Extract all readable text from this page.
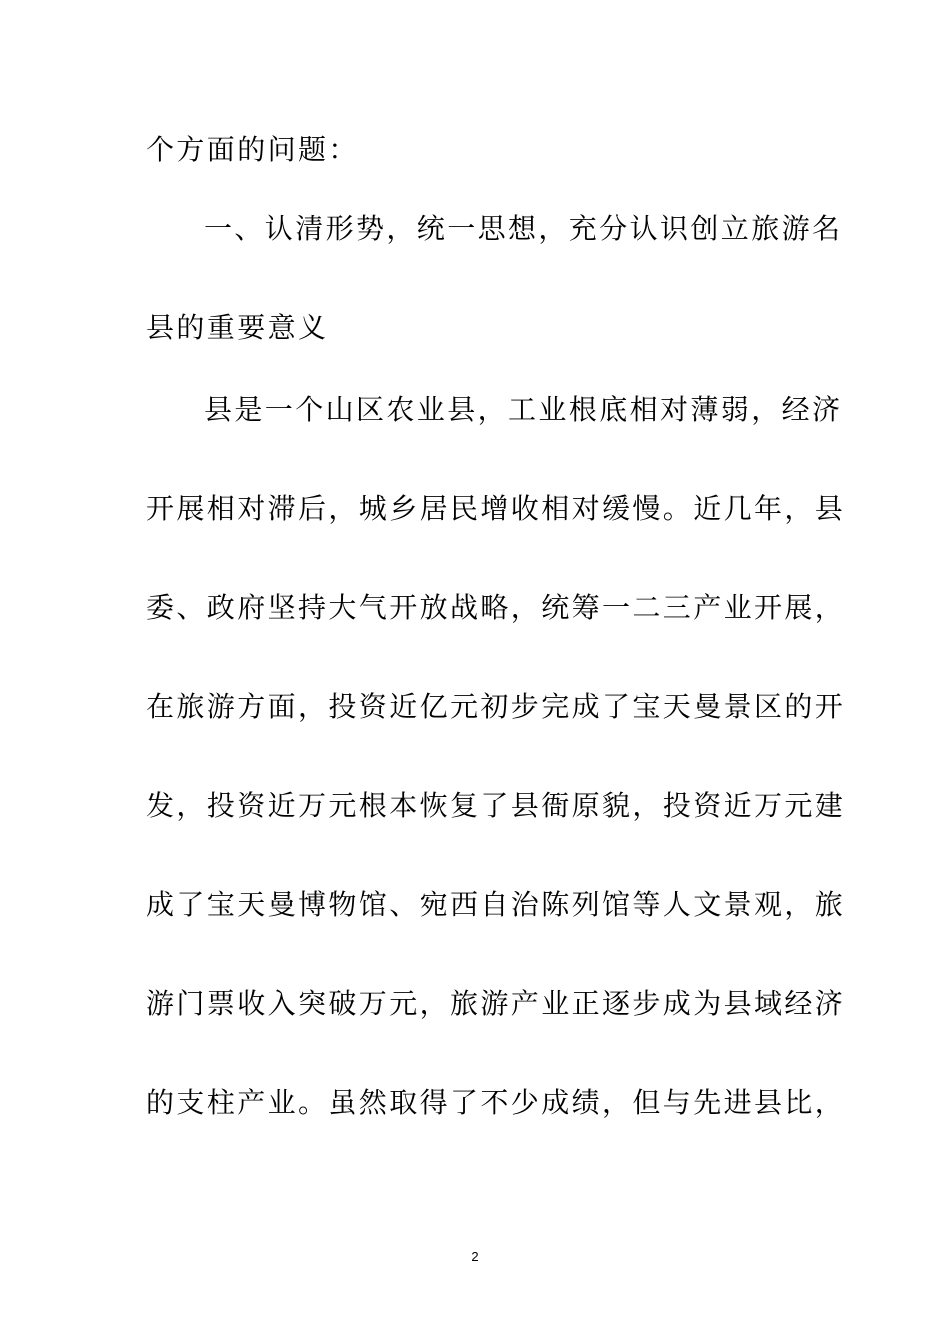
个方面的问题：
一、认清形势，统一思想，充分认识创立旅游名
县的重要意义
县是一个山区农业县，工业根底相对薄弱，经济
开展相对滞后，城乡居民增收相对缓慢。近几年，县
委、政府坚持大气开放战略，统筹一二三产业开展，
在旅游方面，投资近亿元初步完成了宝天曼景区的开
发，投资近万元根本恢复了县衙原貌，投资近万元建
成了宝天曼博物馆、宛西自治陈列馆等人文景观，旅
游门票收入突破万元，旅游产业正逐步成为县域经济
的支柱产业。虽然取得了不少成绩，但与先进县比，
2
